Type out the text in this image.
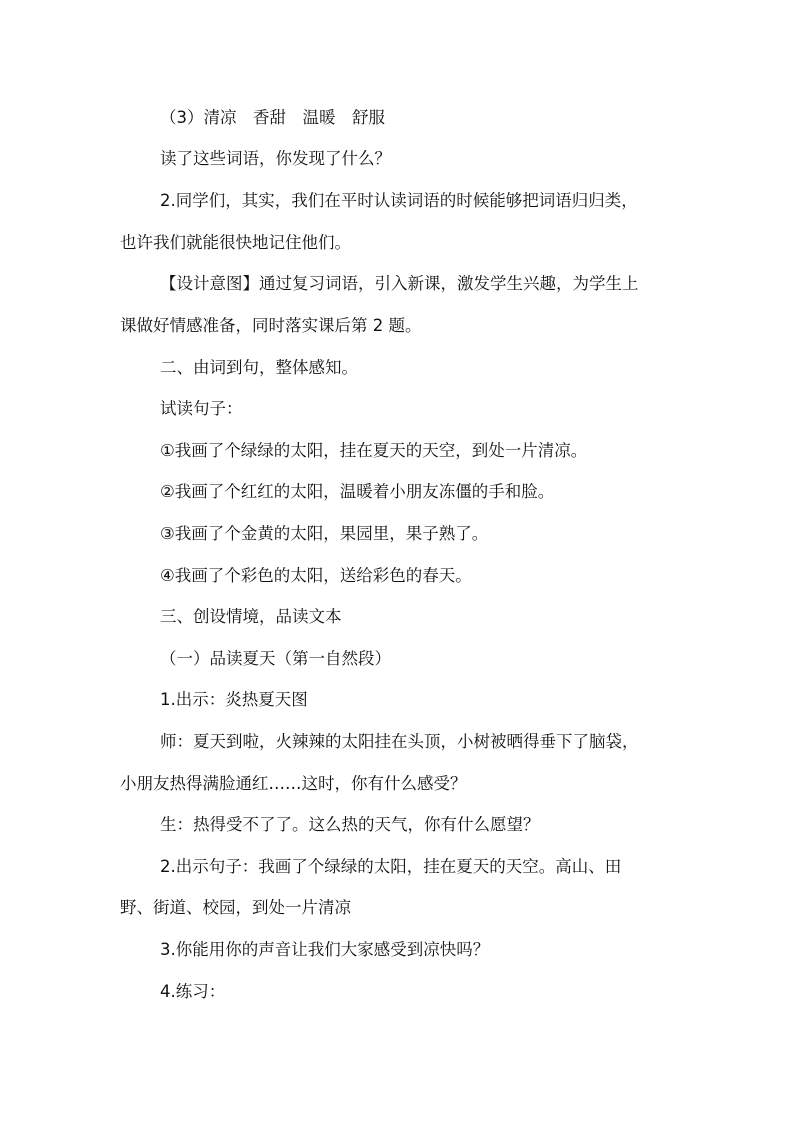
（3）清凉　香甜　温暖　舒服
读了这些词语，你发现了什么？
2.同学们，其实，我们在平时认读词语的时候能够把词语归归类，
也许我们就能很快地记住他们。
【设计意图】通过复习词语，引入新课，激发学生兴趣，为学生上
课做好情感准备，同时落实课后第 2 题。
二、由词到句，整体感知。
试读句子：
①我画了个绿绿的太阳，挂在夏天的天空，到处一片清凉。
②我画了个红红的太阳，温暖着小朋友冻僵的手和脸。
③我画了个金黄的太阳，果园里，果子熟了。
④我画了个彩色的太阳，送给彩色的春天。
三、创设情境，品读文本
（一）品读夏天（第一自然段）
1.出示：炎热夏天图
师：夏天到啦，火辣辣的太阳挂在头顶，小树被晒得垂下了脑袋，
小朋友热得满脸通红……这时，你有什么感受？
生：热得受不了了。这么热的天气，你有什么愿望？
2.出示句子：我画了个绿绿的太阳，挂在夏天的天空。高山、田
野、街道、校园，到处一片清凉
3.你能用你的声音让我们大家感受到凉快吗？
4.练习：
